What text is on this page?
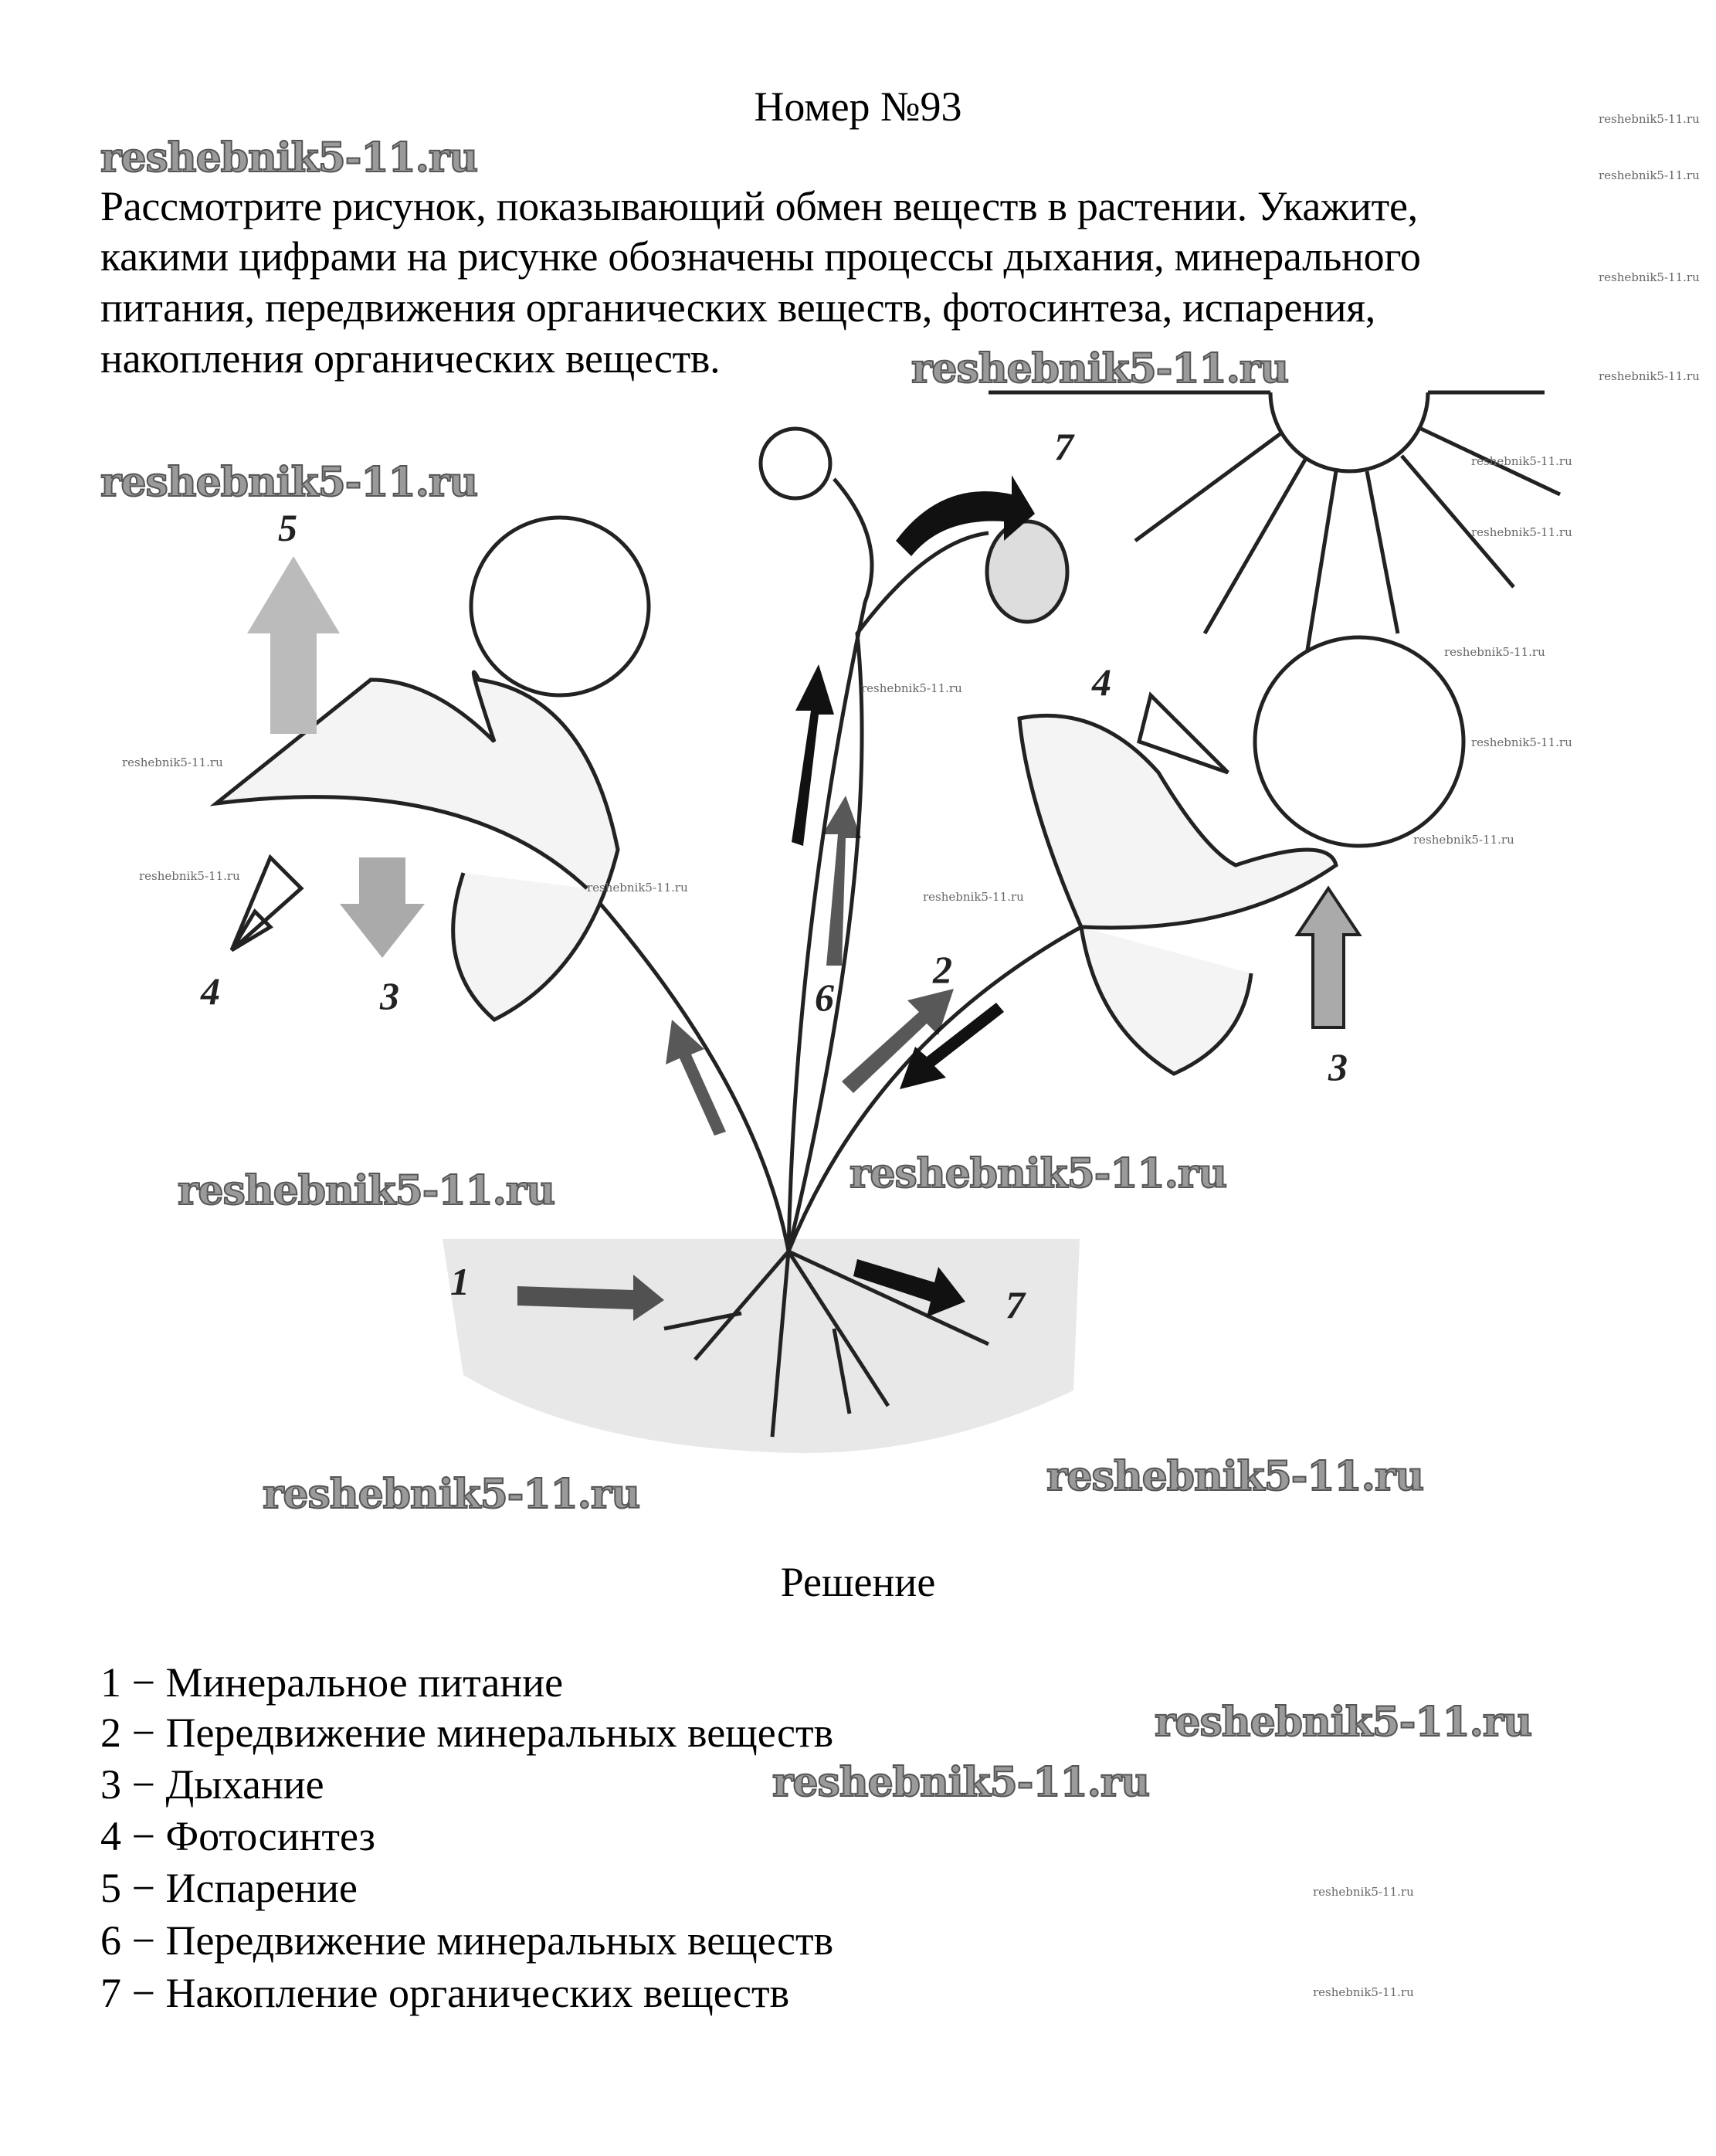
Номер №93
Рассмотрите рисунок, показывающий обмен веществ в растении. Укажите,
какими цифрами на рисунке обозначены процессы дыхания, минерального
питания, передвижения органических веществ, фотосинтеза, испарения,
накопления органических веществ.
5
7
4	3
4
2
6
3
1
7
Решение
1 − Минеральное питание
2 − Передвижение минеральных веществ
3 − Дыхание
4 − Фотосинтез
5 − Испарение
6 − Передвижение минеральных веществ
7 − Накопление органических веществ
reshebnik5-11.ru
reshebnik5-11.ru
reshebnik5-11.ru
reshebnik5-11.ru	reshebnik5-11.ru
reshebnik5-11.ru	reshebnik5-11.ru
reshebnik5-11.ru
reshebnik5-11.ru
reshebnik5-11.ru
reshebnik5-11.ru
reshebnik5-11.ru
reshebnik5-11.ru
reshebnik5-11.ru
reshebnik5-11.ru
reshebnik5-11.ru
reshebnik5-11.ru
reshebnik5-11.ru
reshebnik5-11.ru
reshebnik5-11.ru
reshebnik5-11.ru
reshebnik5-11.ru
reshebnik5-11.ru
reshebnik5-11.ru
reshebnik5-11.ru
